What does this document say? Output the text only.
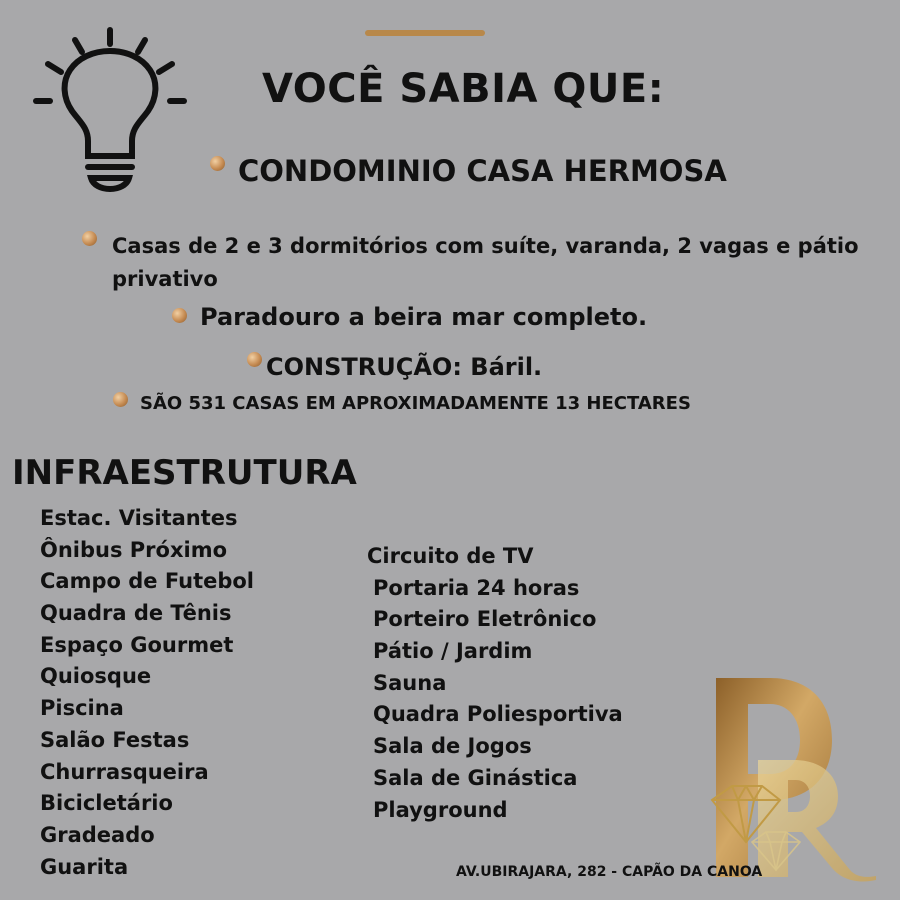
VOCÊ SABIA QUE:
CONDOMINIO CASA HERMOSA
Casas de 2 e 3 dormitórios com suíte, varanda, 2 vagas e pátio privativo
Paradouro a beira mar completo.
CONSTRUÇÃO: Báril.
SÃO 531 CASAS EM APROXIMADAMENTE 13 HECTARES
INFRAESTRUTURA
Estac. Visitantes
Ônibus Próximo
Campo de Futebol
Quadra de Tênis
Espaço Gourmet
Quiosque
Piscina
Salão Festas
Churrasqueira
Bicicletário
Gradeado
Guarita
Circuito de TV
Portaria 24 horas
Porteiro Eletrônico
Pátio / Jardim
Sauna
Quadra Poliesportiva
Sala de Jogos
Sala de Ginástica
Playground
AV.UBIRAJARA, 282 - CAPÃO DA CANOA
